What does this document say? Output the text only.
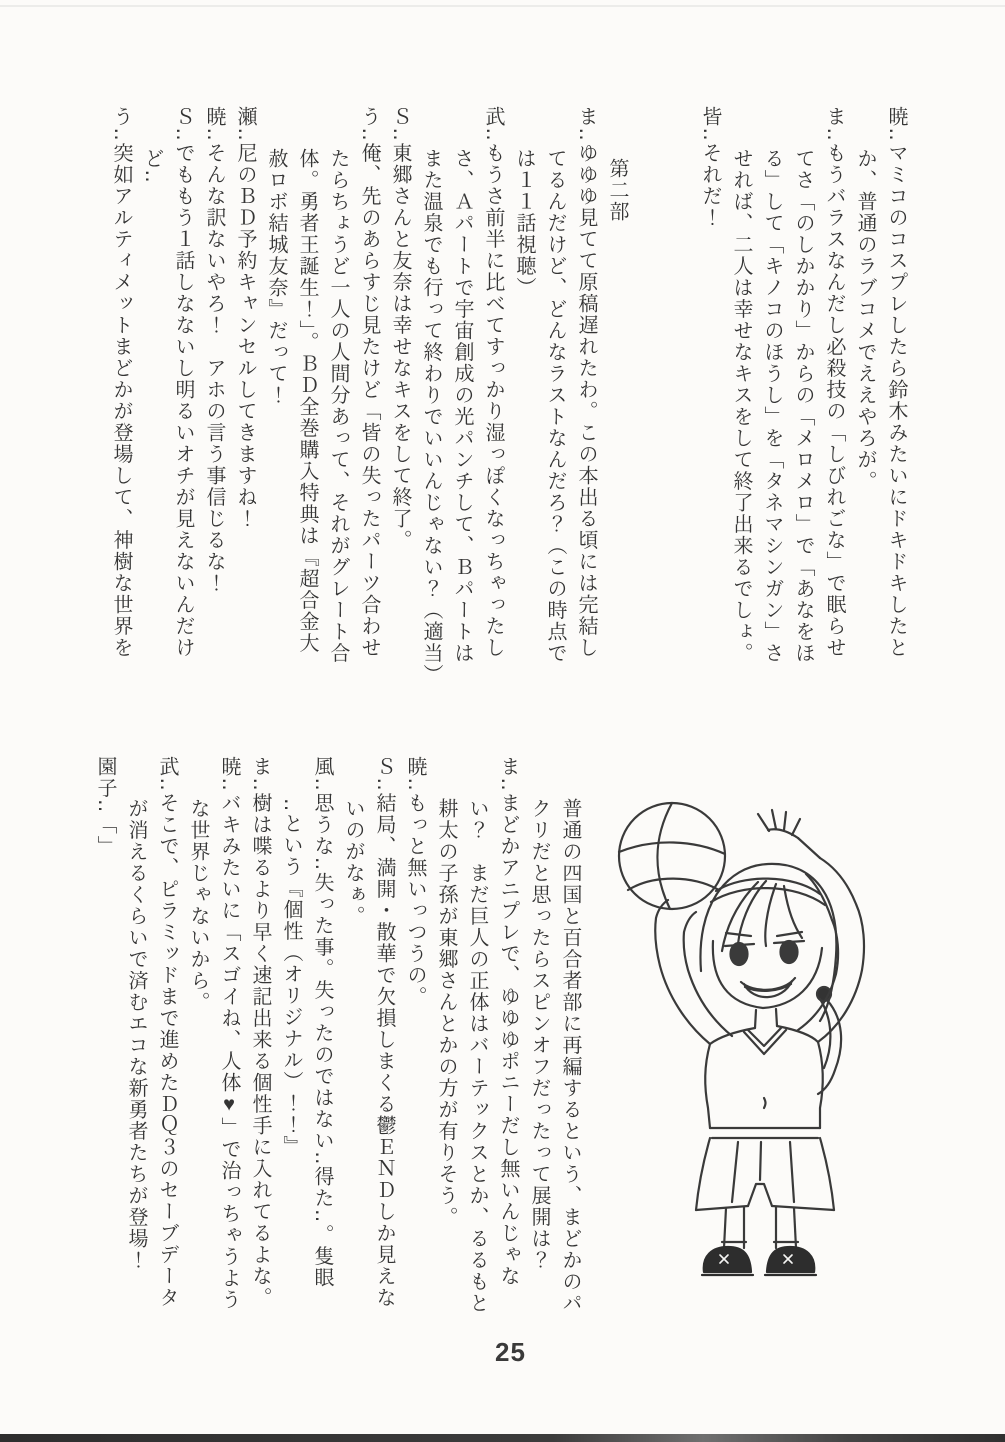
暁‥マミコのコスプレしたら鈴木みたいにドキドキしたと

か、普通のラブコメでええやろが。

ま‥もうバラスなんだし必殺技の「しびれごな」で眠らせ

てさ「のしかかり」からの「メロメロ」で「あなをほ

る」して「キノコのほうし」を「タネマシンガン」さ

せれば、二人は幸せなキスをして終了出来るでしょ。

皆‥それだ！

第二部

ま‥ゆゆゆ見てて原稿遅れたわ。この本出る頃には完結し

てるんだけど、どんなラストなんだろ？（この時点で

は１１話視聴）

武‥もうさ前半に比べてすっかり湿っぽくなっちゃったし

さ、Ａパートで宇宙創成の光パンチして、Ｂパートは

また温泉でも行って終わりでいいんじゃない？（適当）

Ｓ‥東郷さんと友奈は幸せなキスをして終了。

う‥俺、先のあらすじ見たけど「皆の失ったパーツ合わせ

たらちょうど一人の人間分あって、それがグレート合

体。勇者王誕生！」。ＢＤ全巻購入特典は『超合金大

赦ロボ結城友奈』だって！

瀬‥尼のＢＤ予約キャンセルしてきますね！

暁‥そんな訳ないやろ！　アホの言う事信じるな！

Ｓ‥でももう１話しなないし明るいオチが見えないんだけ

ど‥

う‥突如アルティメットまどかが登場して、神樹な世界を

普通の四国と百合者部に再編するという、まどかのパ

クリだと思ったらスピンオフだったって展開は？

ま‥まどかアニプレで、ゆゆゆポニーだし無いんじゃな

い？　まだ巨人の正体はバーテックスとか、るるもと

耕太の子孫が東郷さんとかの方が有りそう。

暁‥もっと無いっつうの。

Ｓ‥結局、満開・散華で欠損しまくる鬱ＥＮＤしか見えな

いのがなぁ。

風‥思うな‥失った事。失ったのではない‥得た‥。隻眼

‥という『個性（オリジナル）！！』

ま‥樹は喋るより早く速記出来る個性手に入れてるよな。

暁‥バキみたいに「スゴイね、人体♥」で治っちゃうよう

な世界じゃないから。

武‥そこで、ピラミッドまで進めたＤＱ３のセーブデータ

が消えるくらいで済むエコな新勇者たちが登場！

園子‥「」

25
